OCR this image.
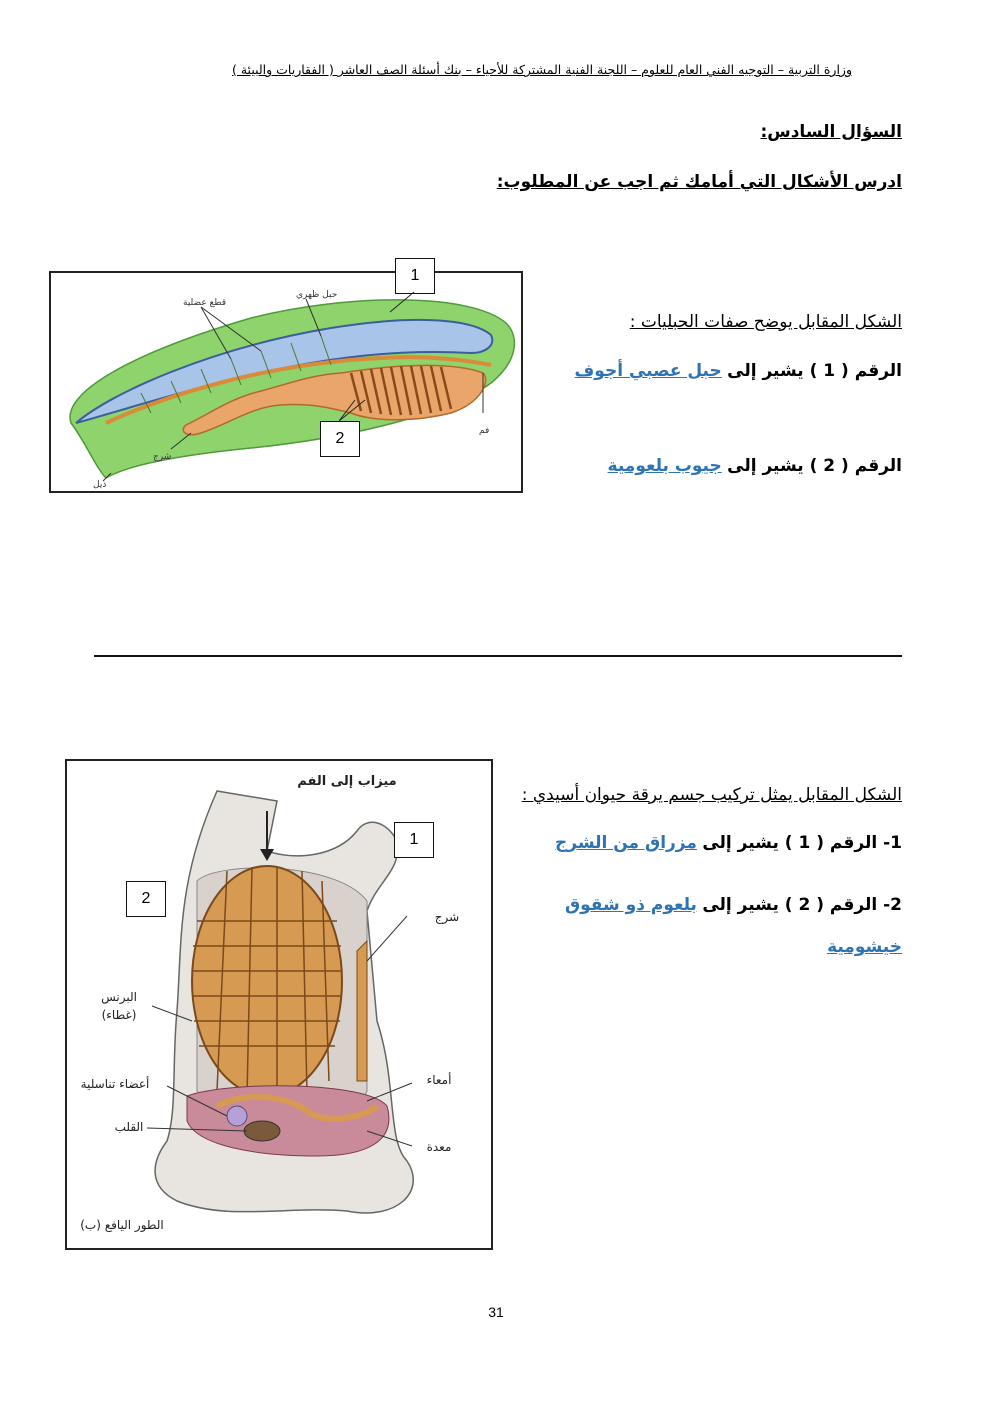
وزارة التربية – التوجيه الفني العام للعلوم – اللجنة الفنية المشتركة للأحياء – بنك أسئلة الصف العاشر ( الفقاريات والبيئة )
السؤال السادس:
ادرس الأشكال التي أمامك ثم اجب عن المطلوب:
قطع عضلية
حبل ظهري
فم
شرج
ذيل
1
2
الشكل المقابل يوضح صفات الحبليات :
الرقم ( 1 ) يشير إلى حبل عصبي أجوف
الرقم ( 2 ) يشير إلى جيوب بلعومية
ميزاب إلى الفم
شرج
البرنس
(غطاء)
أعضاء تناسلية	أمعاء
القلب
معدة
(ب) الطور اليافع
1
2
الشكل المقابل يمثل تركيب جسم يرقة حيوان أسيدي :
1- الرقم ( 1 ) يشير إلى مزراق من الشرج
2- الرقم ( 2 ) يشير إلى بلعوم ذو شقوق
خيشومية
31
